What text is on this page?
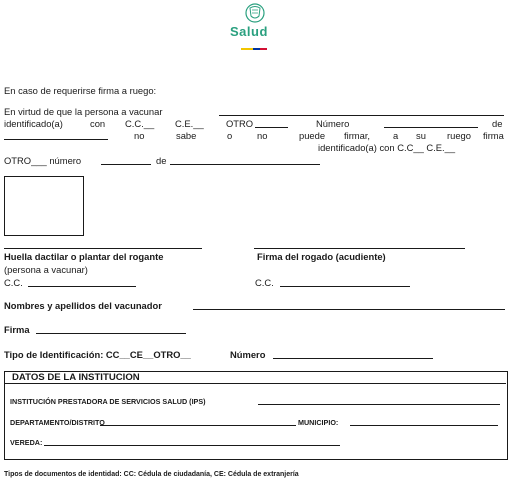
Salud
En caso de requerirse firma a ruego:
En virtud de que la persona a vacunar
identificado(a)	con C.C.__ C.E.__ OTRO	Número	de
no	sabe	o	no	puede firmar, a su ruego firma
identificado(a) con C.C__ C.E.__
OTRO___ número	de
Huella dactilar o plantar del rogante	Firma del rogado (acudiente)
(persona a vacunar)
C.C.	C.C.
Nombres y apellidos del vacunador
Firma
Tipo de Identificación: CC__CE__OTRO__	Número
DATOS DE LA INSTITUCION
INSTITUCIÓN PRESTADORA DE SERVICIOS SALUD (IPS)
DEPARTAMENTO/DISTRITO	MUNICIPIO:
VEREDA:
Tipos de documentos de identidad: CC: Cédula de ciudadanía, CE: Cédula de extranjería
